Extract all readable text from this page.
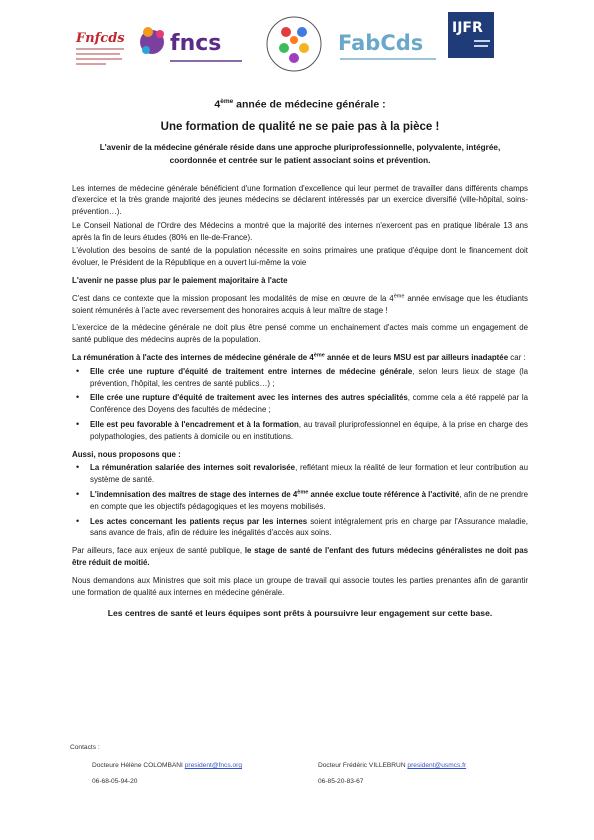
Fnfcds fncs	FabCds
IJFR
4ème année de médecine générale :
Une formation de qualité ne se paie pas à la pièce !
L'avenir de la médecine générale réside dans une approche pluriprofessionnelle, polyvalente, intégrée, coordonnée et centrée sur le patient associant soins et prévention.

Les internes de médecine générale bénéficient d'une formation d'excellence qui leur permet de travailler dans différents champs d'exercice et la très grande majorité des jeunes médecins se déclarent intéressés par un exercice diversifié (ville-hôpital, soins-prévention…).

Le Conseil National de l'Ordre des Médecins a montré que la majorité des internes n'exercent pas en pratique libérale 13 ans après la fin de leurs études (80% en Ile-de-France).

L'évolution des besoins de santé de la population nécessite en soins primaires une pratique d'équipe dont le financement doit évoluer, le Président de la République en a ouvert lui-même la voie

L'avenir ne passe plus par le paiement majoritaire à l'acte

C'est dans ce contexte que la mission proposant les modalités de mise en œuvre de la 4ème année envisage que les étudiants soient rémunérés à l'acte avec reversement des honoraires acquis à leur maître de stage !

L'exercice de la médecine générale ne doit plus être pensé comme un enchainement d'actes mais comme un engagement de santé publique des médecins auprès de la population.

La rémunération à l'acte des internes de médecine générale de 4ème année et de leurs MSU est par ailleurs inadaptée car :

• Elle crée une rupture d'équité de traitement entre internes de médecine générale, selon leurs lieux de stage (la prévention, l'hôpital, les centres de santé publics…) ;
• Elle crée une rupture d'équité de traitement avec les internes des autres spécialités, comme cela a été rappelé par la Conférence des Doyens des facultés de médecine ;
• Elle est peu favorable à l'encadrement et à la formation, au travail pluriprofessionnel en équipe, à la prise en charge des polypathologies, des patients à domicile ou en institutions.

Aussi, nous proposons que :

• La rémunération salariée des internes soit revalorisée, reflétant mieux la réalité de leur formation et leur contribution au système de santé.
• L'indemnisation des maîtres de stage des internes de 4ème année exclue toute référence à l'activité, afin de ne prendre en compte que les objectifs pédagogiques et les moyens mobilisés.
• Les actes concernant les patients reçus par les internes soient intégralement pris en charge par l'Assurance maladie, sans avance de frais, afin de réduire les inégalités d'accès aux soins.

Par ailleurs, face aux enjeux de santé publique, le stage de santé de l'enfant des futurs médecins généralistes ne doit pas être réduit de moitié.

Nous demandons aux Ministres que soit mis place un groupe de travail qui associe toutes les parties prenantes afin de garantir une formation de qualité aux internes en médecine générale.

Les centres de santé et leurs équipes sont prêts à poursuivre leur engagement sur cette base.
Contacts :
Docteure Hélène COLOMBANI president@fncs.org
06-68-05-94-20
Docteur Frédéric VILLEBRUN president@usmcs.fr
06-85-20-83-67
